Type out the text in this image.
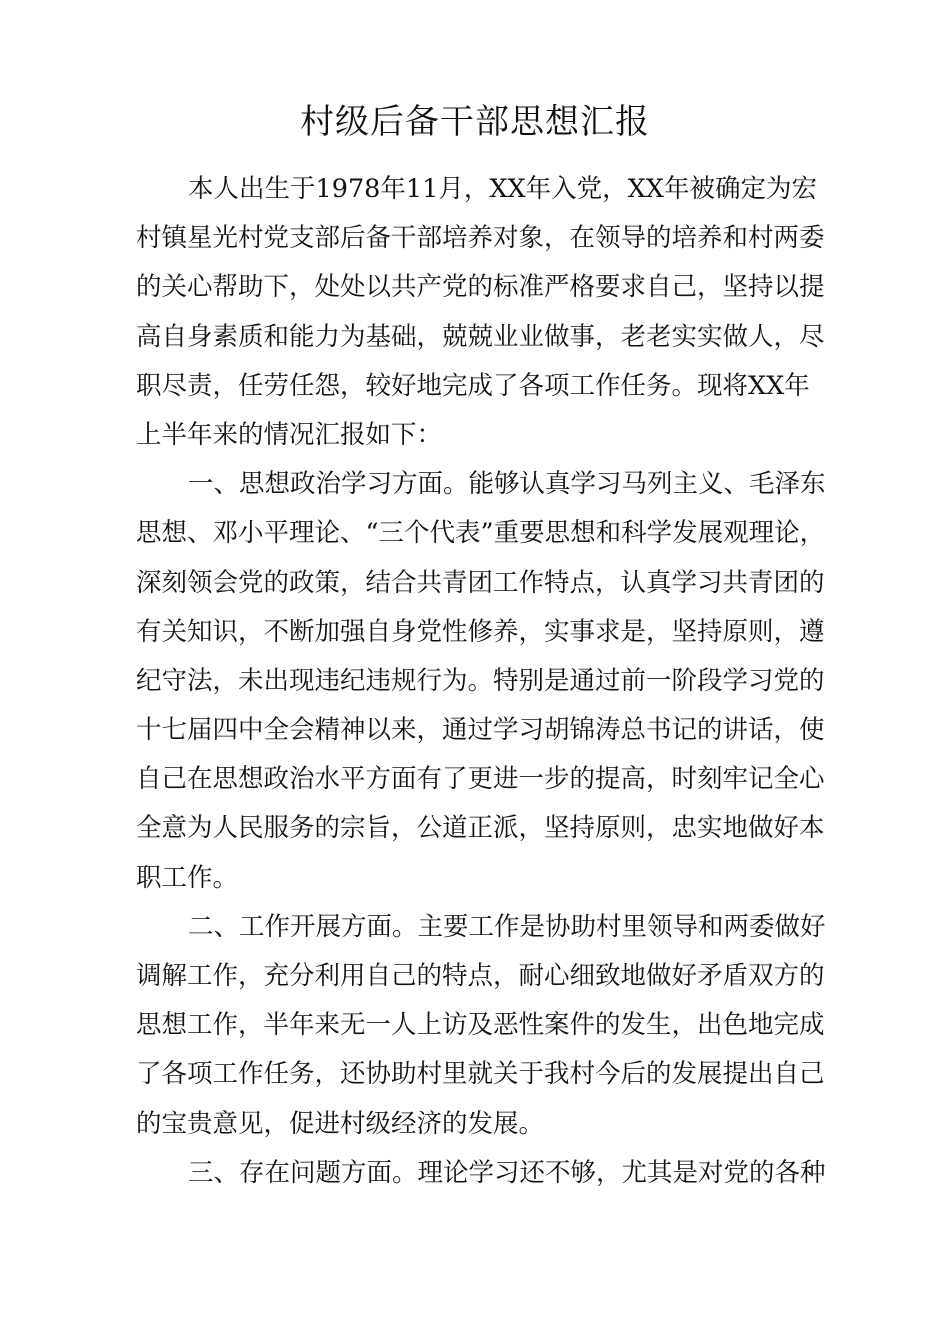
村级后备干部思想汇报
本人出生于1978年11月，XX年入党，XX年被确定为宏
村镇星光村党支部后备干部培养对象，在领导的培养和村两委
的关心帮助下，处处以共产党的标准严格要求自己，坚持以提
高自身素质和能力为基础，兢兢业业做事，老老实实做人，尽
职尽责，任劳任怨，较好地完成了各项工作任务。现将XX年
上半年来的情况汇报如下：
一、思想政治学习方面。能够认真学习马列主义、毛泽东
思想、邓小平理论、“三个代表”重要思想和科学发展观理论，
深刻领会党的政策，结合共青团工作特点，认真学习共青团的
有关知识，不断加强自身党性修养，实事求是，坚持原则，遵
纪守法，未出现违纪违规行为。特别是通过前一阶段学习党的
十七届四中全会精神以来，通过学习胡锦涛总书记的讲话，使
自己在思想政治水平方面有了更进一步的提高，时刻牢记全心
全意为人民服务的宗旨，公道正派，坚持原则，忠实地做好本
职工作。
二、工作开展方面。主要工作是协助村里领导和两委做好
调解工作，充分利用自己的特点，耐心细致地做好矛盾双方的
思想工作，半年来无一人上访及恶性案件的发生，出色地完成
了各项工作任务，还协助村里就关于我村今后的发展提出自己
的宝贵意见，促进村级经济的发展。
三、存在问题方面。理论学习还不够，尤其是对党的各种
